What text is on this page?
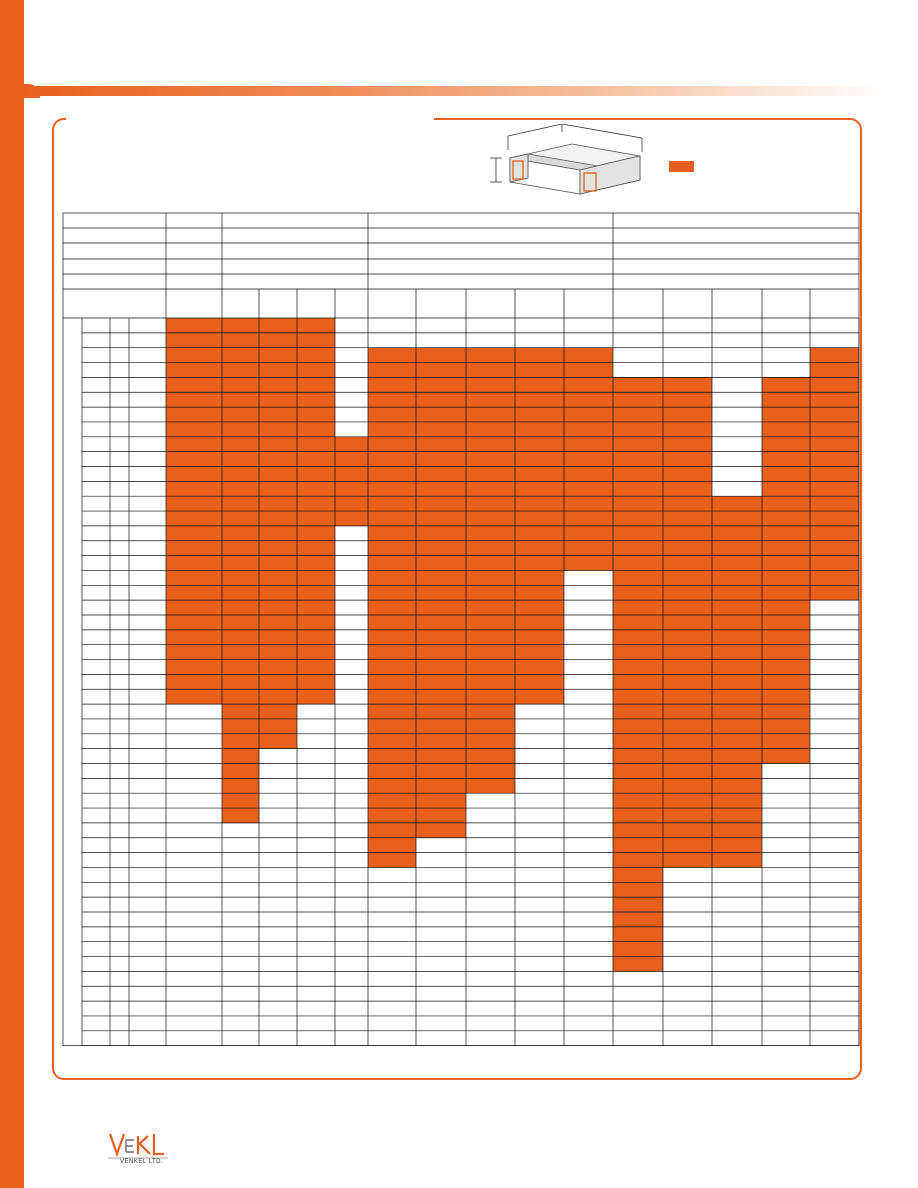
VENKEL LTD.
